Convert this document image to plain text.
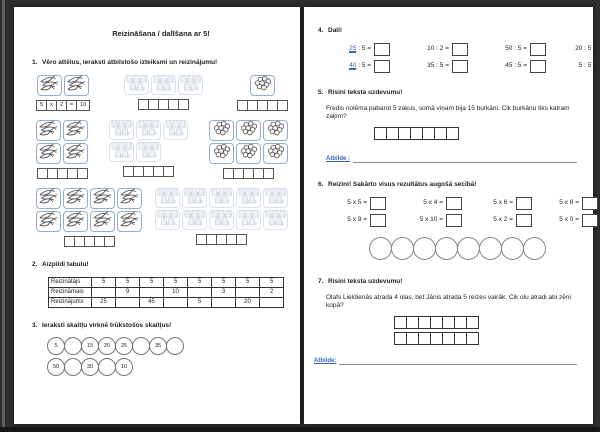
Reizināšana / dalīšana ar 5!
1. Vēro attēlus, ieraksti atbilstošo izteiksmi un reizinājumu!
5	x	2	=	10
2. Aizpildi tabulu!
Reizinātājs	5	5	5	5	5	5	5	5
Reizināmais		9		10		3		2
Reizinājums	25		45		5		20	
3. Ieraksti skaitļu virknē trūkstošos skaitļus!
5	15	20	25	35
50	30	10
4. Dali!
25 : 5 =	10 : 2 =	50 : 5 =	20 : 5 =
40 : 5 =	35 : 5 =	45 : 5 =	5 : 5 =
5. Risini teksta uzdevumu!
Fredis nolēma pabarot 5 zaķus, somā viņam bija 15 burkāni. Cik burkānu tiks katram zaķim?
Atbilde :
6. Reizini! Sakārto visus rezultātus augošā secībā!
5 x 5 =	5 x 4 =	5 x 6 =	5 x 8 =
5 x 9 =	5 x 10 =	5 x 2 =	5 x 0 =
7. Risini teksta uzdevumu!
Olafs Lieldienās atrada 4 olas, bet Jānis atrada 5 reizes vairāk. Cik olu atradi abi zēni kopā?
Atbilde:
